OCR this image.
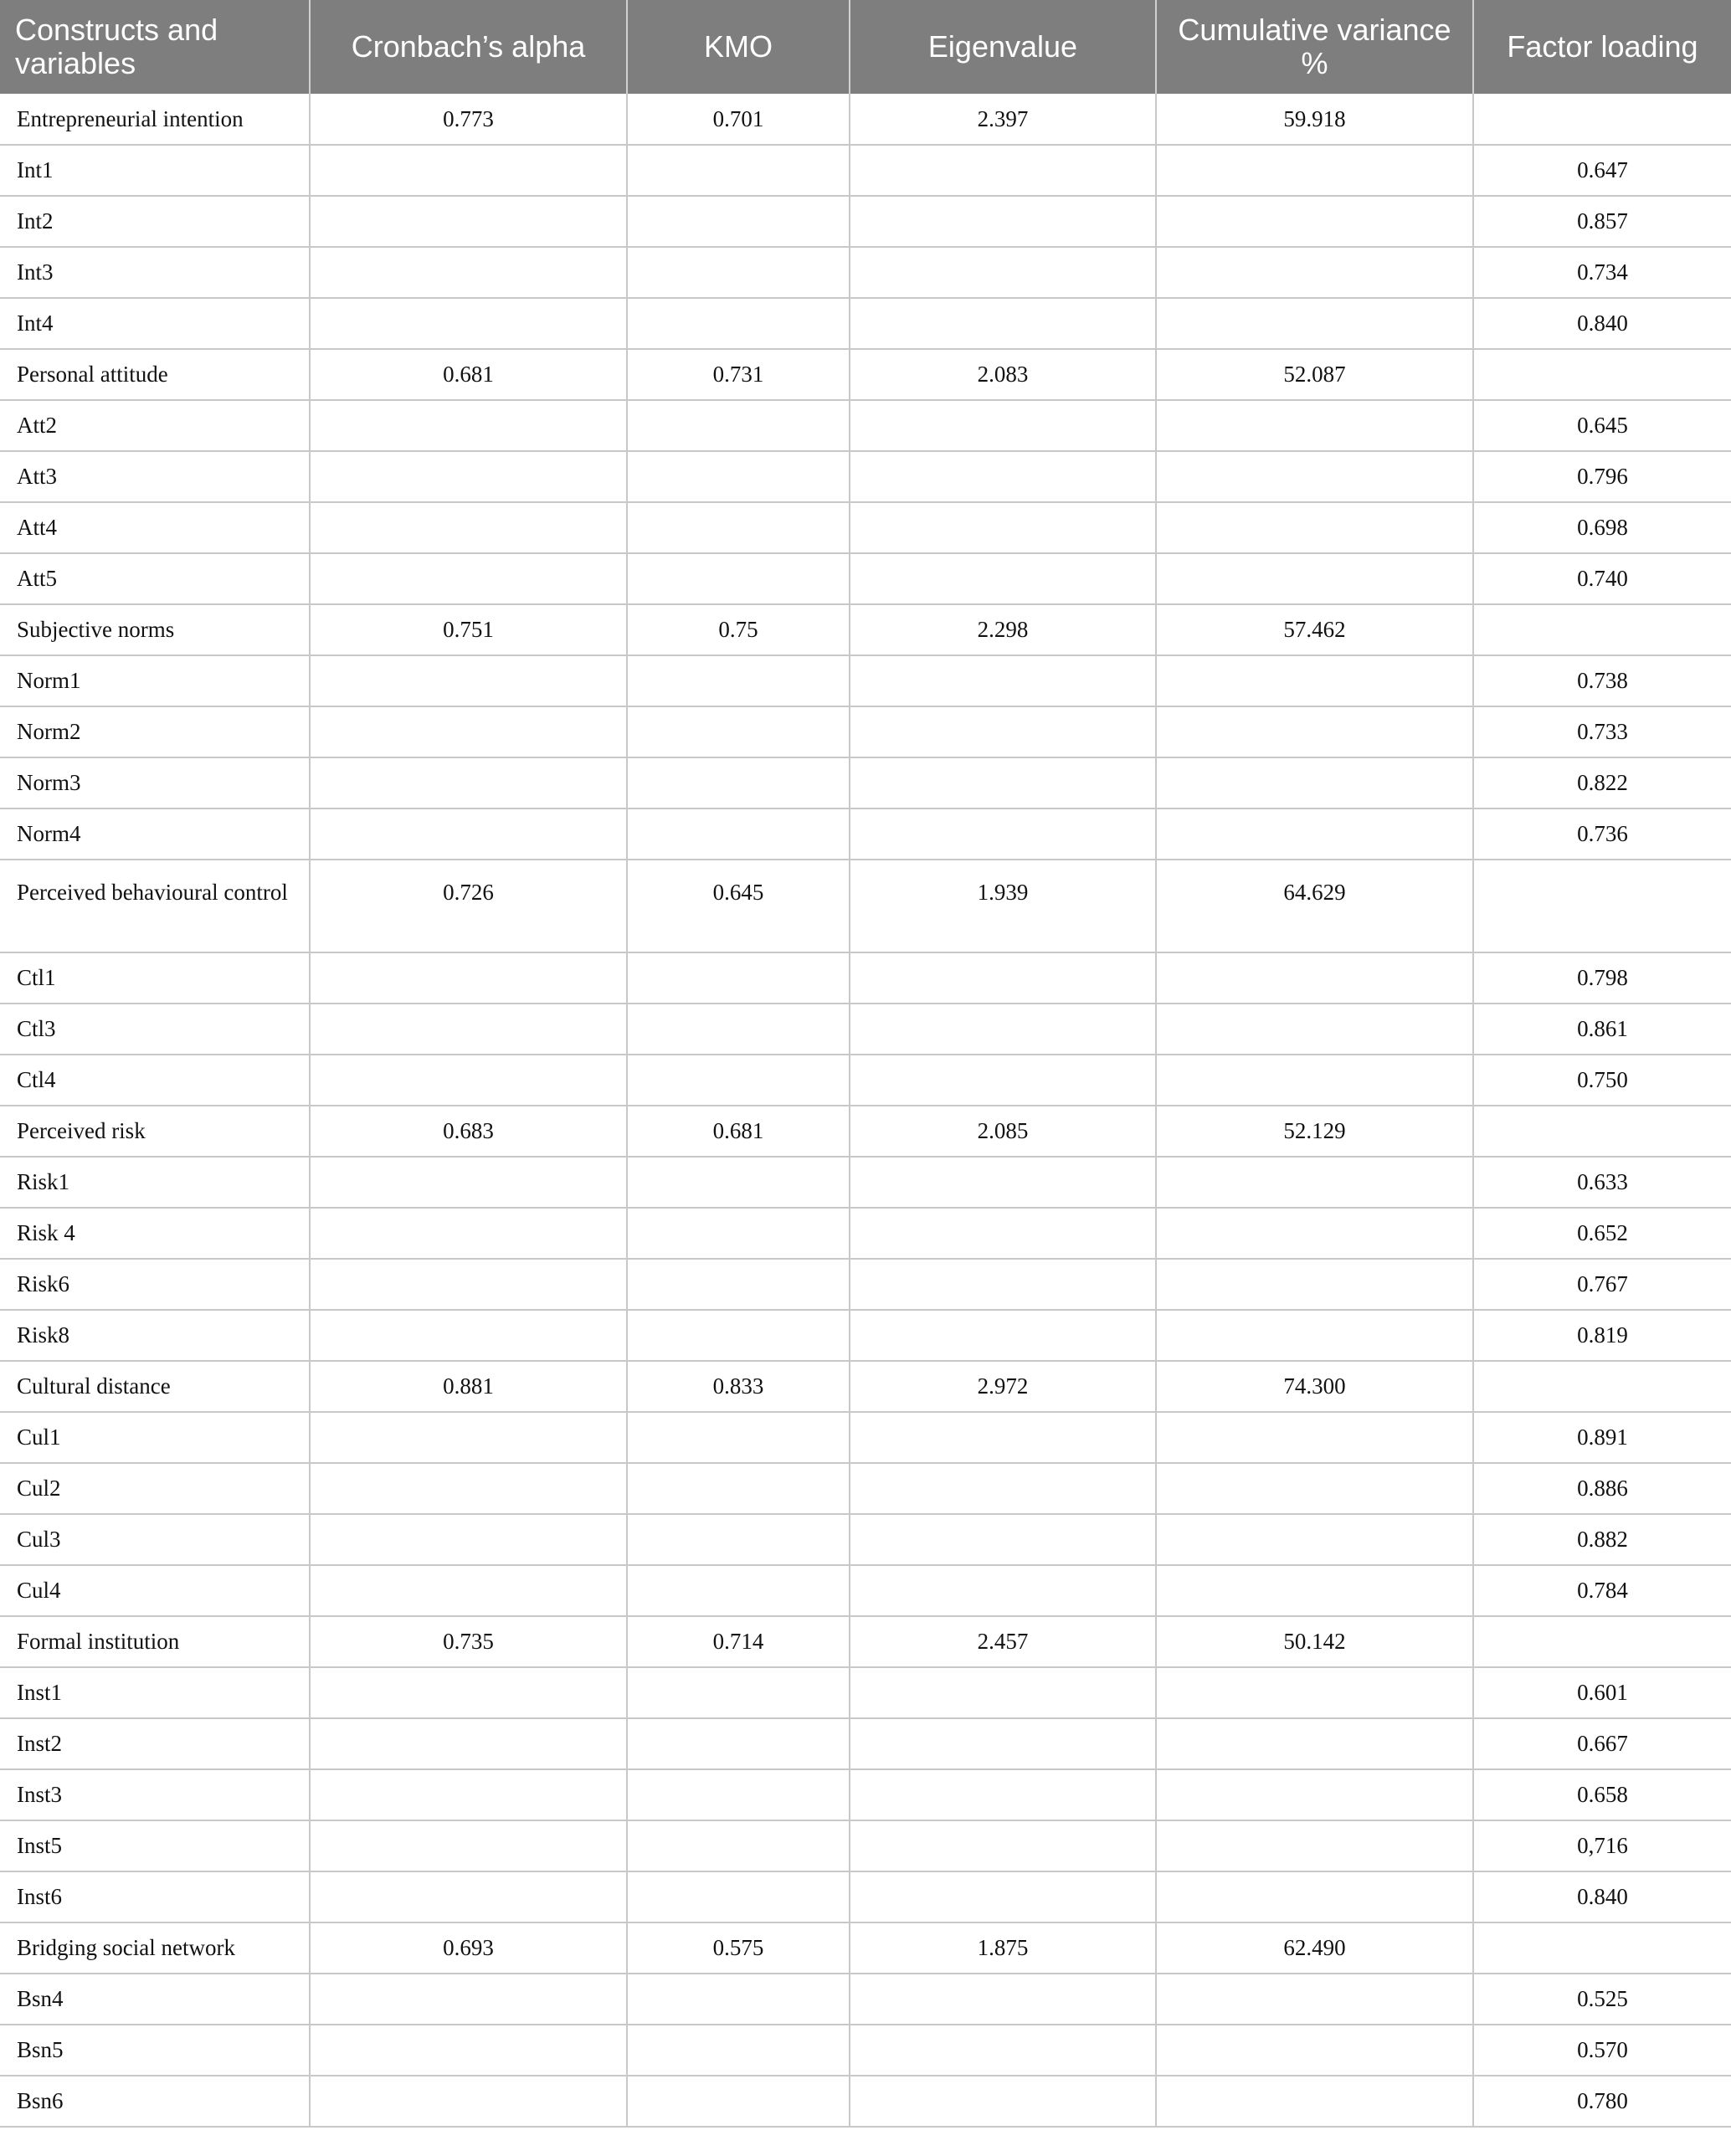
Constructs and variables	Cronbach’s alpha	KMO	Eigenvalue	Cumulative variance %	Factor loading
Entrepreneurial intention	0.773	0.701	2.397	59.918	
Int1					0.647
Int2					0.857
Int3					0.734
Int4					0.840
Personal attitude	0.681	0.731	2.083	52.087	
Att2					0.645
Att3					0.796
Att4					0.698
Att5					0.740
Subjective norms	0.751	0.75	2.298	57.462	
Norm1					0.738
Norm2					0.733
Norm3					0.822
Norm4					0.736
Perceived behavioural control	0.726	0.645	1.939	64.629	
Ctl1					0.798
Ctl3					0.861
Ctl4					0.750
Perceived risk	0.683	0.681	2.085	52.129	
Risk1					0.633
Risk 4					0.652
Risk6					0.767
Risk8					0.819
Cultural distance	0.881	0.833	2.972	74.300	
Cul1					0.891
Cul2					0.886
Cul3					0.882
Cul4					0.784
Formal institution	0.735	0.714	2.457	50.142	
Inst1					0.601
Inst2					0.667
Inst3					0.658
Inst5					0,716
Inst6					0.840
Bridging social network	0.693	0.575	1.875	62.490	
Bsn4					0.525
Bsn5					0.570
Bsn6					0.780
